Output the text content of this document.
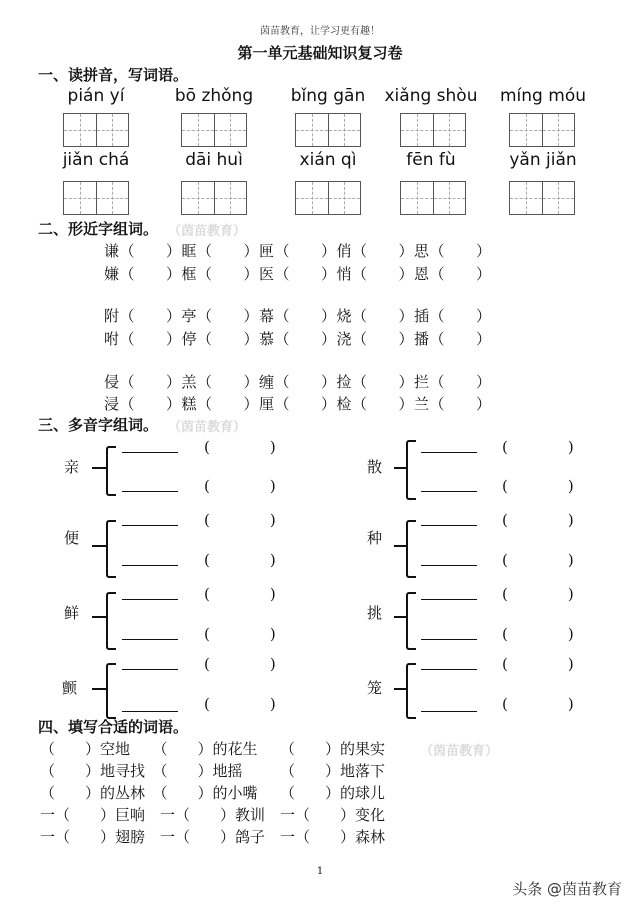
茵苗教育，让学习更有趣！
第一单元基础知识复习卷
一、读拼音，写词语。
pián yí	bō zhǒng	bǐng gān	xiǎng shòu	míng móu
jiǎn chá	dāi huì	xián qì	fēn fù	yǎn jiǎn
二、形近字组词。 （茵苗教育）
谦（　　）眶（　　）匣（　　）俏（　　）思（　　）
嫌（　　）框（　　）医（　　）悄（　　）恩（　　）
附（　　）亭（　　）幕（　　）烧（　　）插（　　）
咐（　　）停（　　）慕（　　）浇（　　）播（　　）
侵（　　）羔（　　）缠（　　）捡（　　）拦（　　）
浸（　　）糕（　　）厘（　　）检（　　）兰（　　）
三、多音字组词。 （茵苗教育）
亲
(　　　　)
(　　　　)
便
(　　　　)
(　　　　)
鲜
(　　　　)
(　　　　)
颤
(　　　　)
(　　　　)
散
(　　　　)
(　　　　)
种
(　　　　)
(　　　　)
挑
(　　　　)
(　　　　)
笼
(　　　　)
(　　　　)
四、填写合适的词语。
（　　）空地　　（　　）的花生　　（　　）的果实	（茵苗教育）
（　　）地寻找　（　　）地摇　　　（　　）地落下
（　　）的丛林　（　　）的小嘴　　（　　）的球儿
一（　　）巨响　一（　　）教训　一（　　）变化
一（　　）翅膀　一（　　）鸽子　一（　　）森林
1
头条 @茵苗教育
